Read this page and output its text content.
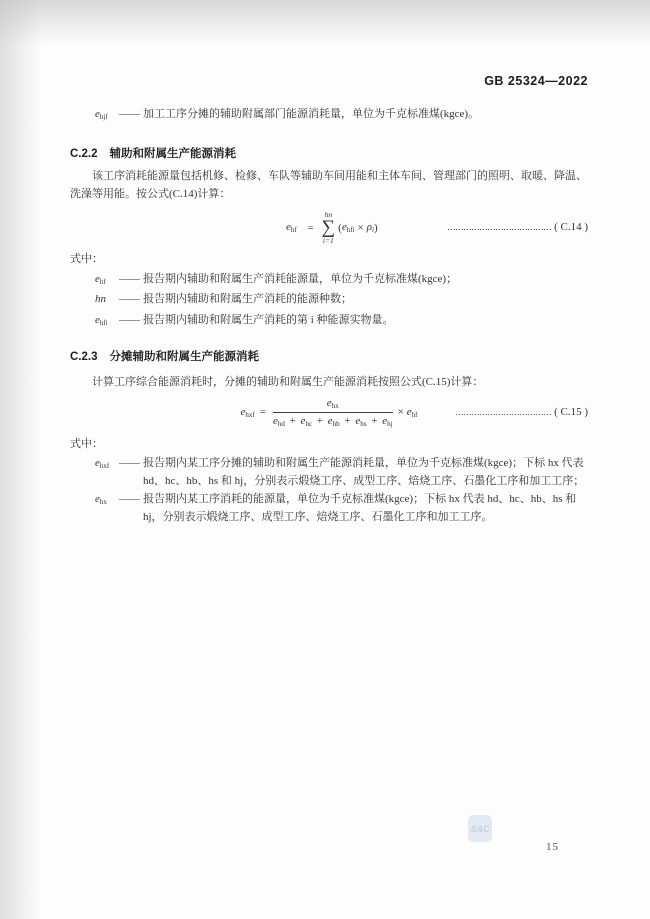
GB 25324—2022
$e_{hjf}$	—— 加工工序分摊的辅助附属部门能源消耗量，单位为千克标准煤(kgce)。
C.2.2 辅助和附属生产能源消耗

该工序消耗能源量包括机修、检修、车队等辅助车间用能和主体车间、管理部门的照明、取暖、降温、洗澡等用能。按公式(C.14)计算：

$e_{hf}$ =
hn
∑
i=1
( $e_{hfi} \times \rho_i$ )	………………………………… ( C.14 )

式中：

$e_{hf}$	—— 报告期内辅助和附属生产消耗能源量，单位为千克标准煤(kgce)；
hn	—— 报告期内辅助和附属生产消耗的能源种数；
$e_{hfi}$	—— 报告期内辅助和附属生产消耗的第 i 种能源实物量。
C.2.3 分摊辅助和附属生产能源消耗

计算工序综合能源消耗时，分摊的辅助和附属生产能源消耗按照公式(C.15)计算：

$e_{hxf}$ =
$e_{hx}$
$e_{hd} + e_{hc} + e_{hb} + e_{hs} + e_{hj}$
× $e_{hf}$	……………………………… ( C.15 )

式中：

$e_{hxf}$ —— 报告期内某工序分摊的辅助和附属生产能源消耗量，单位为千克标准煤(kgce)；下标 hx 代表 hd、hc、hb、hs 和 hj，分别表示煅烧工序、成型工序、焙烧工序、石墨化工序和加工工序；
$e_{hx}$	—— 报告期内某工序消耗的能源量，单位为千克标准煤(kgce)；下标 hx 代表 hd、hc、hb、hs 和 hj，分别表示煅烧工序、成型工序、焙烧工序、石墨化工序和加工工序。
SAC
15
